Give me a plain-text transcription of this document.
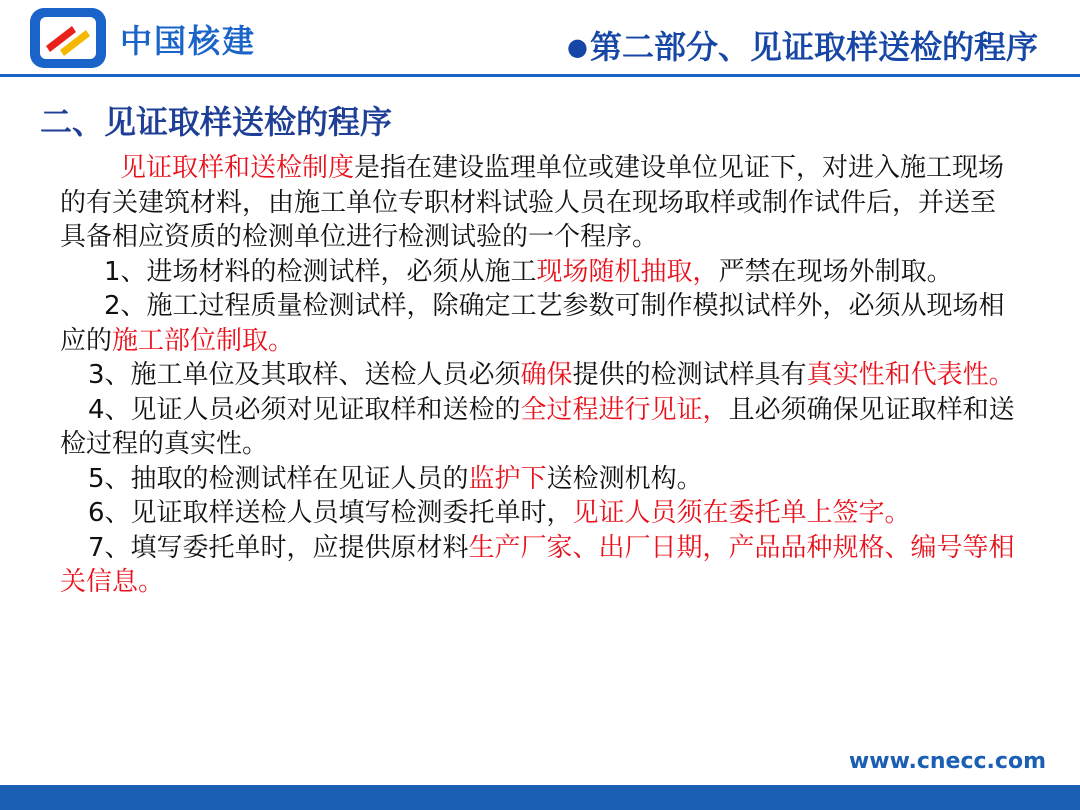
中国核建	●第二部分、见证取样送检的程序
二、见证取样送检的程序

见证取样和送检制度是指在建设监理单位或建设单位见证下，对进入施工现场的有关建筑材料，由施工单位专职材料试验人员在现场取样或制作试件后，并送至具备相应资质的检测单位进行检测试验的一个程序。

1、进场材料的检测试样，必须从施工现场随机抽取，严禁在现场外制取。

2、施工过程质量检测试样，除确定工艺参数可制作模拟试样外，必须从现场相应的施工部位制取。

3、施工单位及其取样、送检人员必须确保提供的检测试样具有真实性和代表性。

4、见证人员必须对见证取样和送检的全过程进行见证，且必须确保见证取样和送检过程的真实性。

5、抽取的检测试样在见证人员的监护下送检测机构。

6、见证取样送检人员填写检测委托单时，见证人员须在委托单上签字。

7、填写委托单时，应提供原材料生产厂家、出厂日期，产品品种规格、编号等相关信息。

www.cnecc.com
